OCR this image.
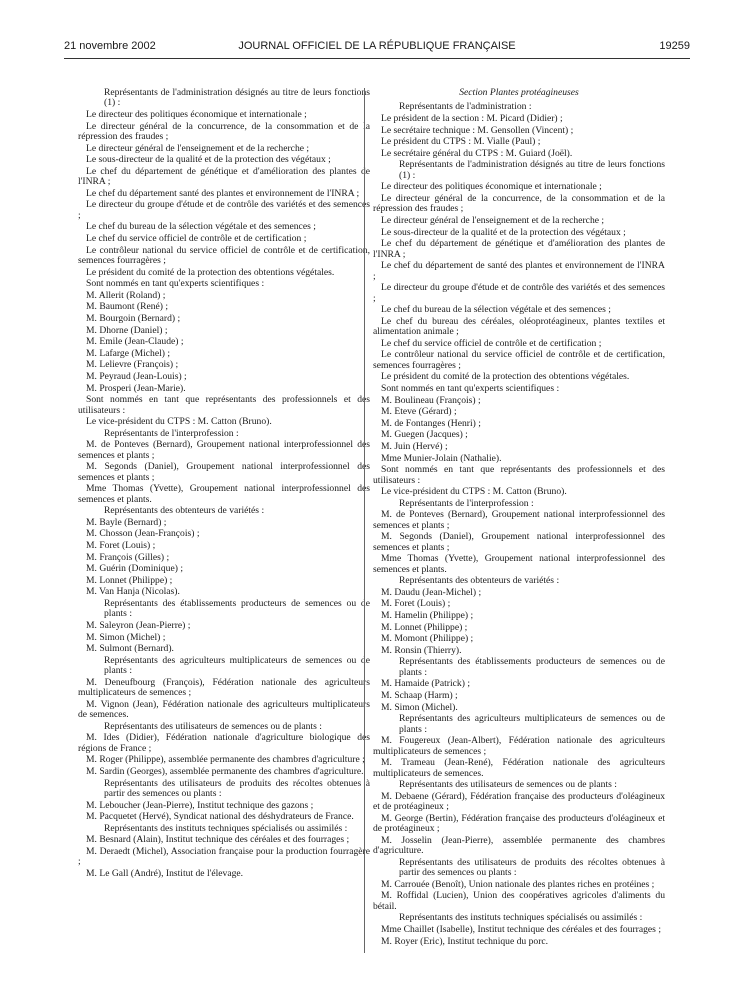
21 novembre 2002	JOURNAL OFFICIEL DE LA RÉPUBLIQUE FRANÇAISE	19259

Représentants de l'administration désignés au titre de leurs fonctions (1) :

Le directeur des politiques économique et internationale ;

Le directeur général de la concurrence, de la consommation et de la répression des fraudes ;

Le directeur général de l'enseignement et de la recherche ;

Le sous-directeur de la qualité et de la protection des végétaux ;

Le chef du département de génétique et d'amélioration des plantes de l'INRA ;

Le chef du département santé des plantes et environnement de l'INRA ;

Le directeur du groupe d'étude et de contrôle des variétés et des semences ;

Le chef du bureau de la sélection végétale et des semences ;

Le chef du service officiel de contrôle et de certification ;

Le contrôleur national du service officiel de contrôle et de certification, semences fourragères ;

Le président du comité de la protection des obtentions végétales.

Sont nommés en tant qu'experts scientifiques :

M. Allerit (Roland) ;

M. Baumont (René) ;

M. Bourgoin (Bernard) ;

M. Dhorne (Daniel) ;

M. Emile (Jean-Claude) ;

M. Lafarge (Michel) ;

M. Lelievre (François) ;

M. Peyraud (Jean-Louis) ;

M. Prosperi (Jean-Marie).

Sont nommés en tant que représentants des professionnels et des utilisateurs :

Le vice-président du CTPS : M. Catton (Bruno).

Représentants de l'interprofession :

M. de Ponteves (Bernard), Groupement national interprofessionnel des semences et plants ;

M. Segonds (Daniel), Groupement national interprofessionnel des semences et plants ;

Mme Thomas (Yvette), Groupement national interprofessionnel des semences et plants.

Représentants des obtenteurs de variétés :

M. Bayle (Bernard) ;

M. Chosson (Jean-François) ;

M. Foret (Louis) ;

M. François (Gilles) ;

M. Guérin (Dominique) ;

M. Lonnet (Philippe) ;

M. Van Hanja (Nicolas).

Représentants des établissements producteurs de semences ou de plants :

M. Saleyron (Jean-Pierre) ;

M. Simon (Michel) ;

M. Sulmont (Bernard).

Représentants des agriculteurs multiplicateurs de semences ou de plants :

M. Deneufbourg (François), Fédération nationale des agriculteurs multiplicateurs de semences ;

M. Vignon (Jean), Fédération nationale des agriculteurs multiplicateurs de semences.

Représentants des utilisateurs de semences ou de plants :

M. Ides (Didier), Fédération nationale d'agriculture biologique des régions de France ;

M. Roger (Philippe), assemblée permanente des chambres d'agriculture ;

M. Sardin (Georges), assemblée permanente des chambres d'agriculture.

Représentants des utilisateurs de produits des récoltes obtenues à partir des semences ou plants :

M. Leboucher (Jean-Pierre), Institut technique des gazons ;

M. Pacquetet (Hervé), Syndicat national des déshydrateurs de France.

Représentants des instituts techniques spécialisés ou assimilés :

M. Besnard (Alain), Institut technique des céréales et des fourrages ;

M. Deraedt (Michel), Association française pour la production fourragère ;

M. Le Gall (André), Institut de l'élevage.

Section Plantes protéagineuses

Représentants de l'administration :

Le président de la section : M. Picard (Didier) ;

Le secrétaire technique : M. Gensollen (Vincent) ;

Le président du CTPS : M. Vialle (Paul) ;

Le secrétaire général du CTPS : M. Guiard (Joël).

Représentants de l'administration désignés au titre de leurs fonctions (1) :

Le directeur des politiques économique et internationale ;

Le directeur général de la concurrence, de la consommation et de la répression des fraudes ;

Le directeur général de l'enseignement et de la recherche ;

Le sous-directeur de la qualité et de la protection des végétaux ;

Le chef du département de génétique et d'amélioration des plantes de l'INRA ;

Le chef du département de santé des plantes et environnement de l'INRA ;

Le directeur du groupe d'étude et de contrôle des variétés et des semences ;

Le chef du bureau de la sélection végétale et des semences ;

Le chef du bureau des céréales, oléoprotéagineux, plantes textiles et alimentation animale ;

Le chef du service officiel de contrôle et de certification ;

Le contrôleur national du service officiel de contrôle et de certification, semences fourragères ;

Le président du comité de la protection des obtentions végétales.

Sont nommés en tant qu'experts scientifiques :

M. Boulineau (François) ;

M. Eteve (Gérard) ;

M. de Fontanges (Henri) ;

M. Guegen (Jacques) ;

M. Juin (Hervé) ;

Mme Munier-Jolain (Nathalie).

Sont nommés en tant que représentants des professionnels et des utilisateurs :

Le vice-président du CTPS : M. Catton (Bruno).

Représentants de l'interprofession :

M. de Ponteves (Bernard), Groupement national interprofessionnel des semences et plants ;

M. Segonds (Daniel), Groupement national interprofessionnel des semences et plants ;

Mme Thomas (Yvette), Groupement national interprofessionnel des semences et plants.

Représentants des obtenteurs de variétés :

M. Daudu (Jean-Michel) ;

M. Foret (Louis) ;

M. Hamelin (Philippe) ;

M. Lonnet (Philippe) ;

M. Momont (Philippe) ;

M. Ronsin (Thierry).

Représentants des établissements producteurs de semences ou de plants :

M. Hamaide (Patrick) ;

M. Schaap (Harm) ;

M. Simon (Michel).

Représentants des agriculteurs multiplicateurs de semences ou de plants :

M. Fougereux (Jean-Albert), Fédération nationale des agriculteurs multiplicateurs de semences ;

M. Trameau (Jean-René), Fédération nationale des agriculteurs multiplicateurs de semences.

Représentants des utilisateurs de semences ou de plants :

M. Debaene (Gérard), Fédération française des producteurs d'oléagineux et de protéagineux ;

M. George (Bertin), Fédération française des producteurs d'oléagineux et de protéagineux ;

M. Josselin (Jean-Pierre), assemblée permanente des chambres d'agriculture.

Représentants des utilisateurs de produits des récoltes obtenues à partir des semences ou plants :

M. Carrouée (Benoît), Union nationale des plantes riches en protéines ;

M. Roffidal (Lucien), Union des coopératives agricoles d'aliments du bétail.

Représentants des instituts techniques spécialisés ou assimilés :

Mme Chaillet (Isabelle), Institut technique des céréales et des fourrages ;

M. Royer (Eric), Institut technique du porc.
